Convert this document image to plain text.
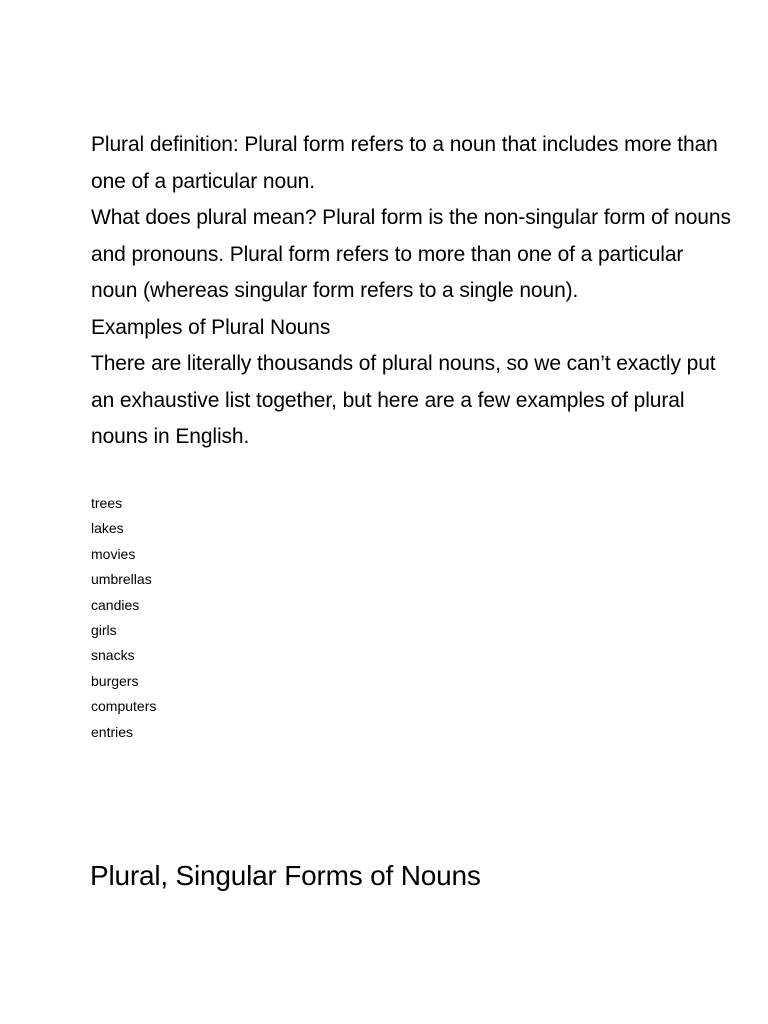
Plural definition: Plural form refers to a noun that includes more than one of a particular noun.

What does plural mean? Plural form is the non-singular form of nouns and pronouns. Plural form refers to more than one of a particular noun (whereas singular form refers to a single noun).

Examples of Plural Nouns

There are literally thousands of plural nouns, so we can’t exactly put an exhaustive list together, but here are a few examples of plural nouns in English.

trees
lakes
movies
umbrellas
candies
girls
snacks
burgers
computers
entries
Plural, Singular Forms of Nouns
